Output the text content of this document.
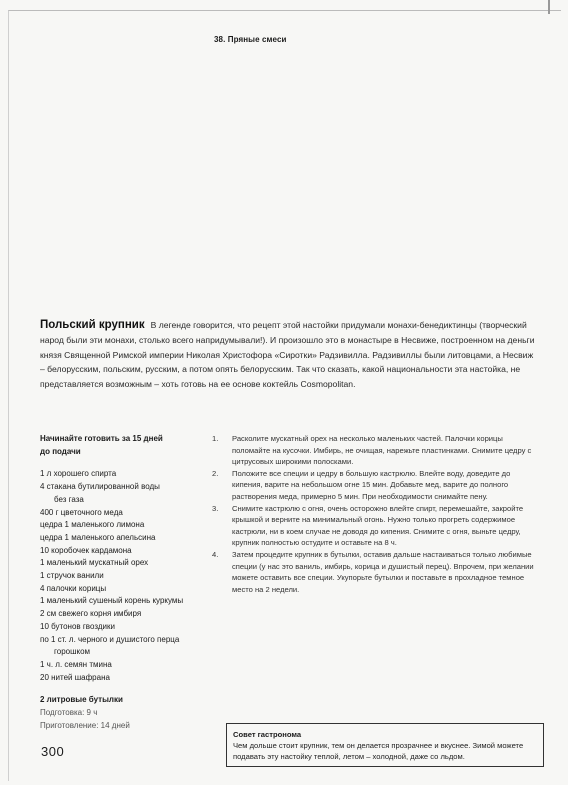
38. Пряные смеси
Польский крупник В легенде говорится, что рецепт этой настойки придумали монахи-бенедиктинцы (творческий народ были эти монахи, столько всего напридумывали!). И произошло это в монастыре в Несвиже, построенном на деньги князя Священной Римской империи Николая Христофора «Сиротки» Радзивилла. Радзивиллы были литовцами, а Несвиж – белорусским, польским, русским, а потом опять белорусским. Так что сказать, какой национальности эта настойка, не представляется возможным – хоть готовь на ее основе коктейль Cosmopolitan.
Начинайте готовить за 15 дней
до подачи
1 л хорошего спирта
4 стакана бутилированной воды
без газа
400 г цветочного меда
цедра 1 маленького лимона
цедра 1 маленького апельсина
10 коробочек кардамона
1 маленький мускатный орех
1 стручок ванили
4 палочки корицы
1 маленький сушеный корень куркумы
2 см свежего корня имбиря
10 бутонов гвоздики
по 1 ст. л. черного и душистого перца
горошком
1 ч. л. семян тмина
20 нитей шафрана

2 литровые бутылки

Подготовка: 9 ч

Приготовление: 14 дней

1. Расколите мускатный орех на несколько маленьких частей. Палочки корицы поломайте на кусочки. Имбирь, не очищая, нарежьте пластинками. Снимите цедру с цитрусовых широкими полосками.
2. Положите все специи и цедру в большую кастрюлю. Влейте воду, доведите до кипения, варите на небольшом огне 15 мин. Добавьте мед, варите до полного растворения меда, примерно 5 мин. При необходимости снимайте пену.
3. Снимите кастрюлю с огня, очень осторожно влейте спирт, перемешайте, закройте крышкой и верните на минимальный огонь. Нужно только прогреть содержимое кастрюли, ни в коем случае не доводя до кипения. Снимите с огня, выньте цедру, крупник полностью остудите и оставьте на 8 ч.
4. Затем процедите крупник в бутылки, оставив дальше настаиваться только любимые специи (у нас это ваниль, имбирь, корица и душистый перец). Впрочем, при желании можете оставить все специи. Укупорьте бутылки и поставьте в прохладное темное место на 2 недели.
300

Совет гастронома

Чем дольше стоит крупник, тем он делается прозрачнее и вкуснее. Зимой можете подавать эту настойку теплой, летом – холодной, даже со льдом.
